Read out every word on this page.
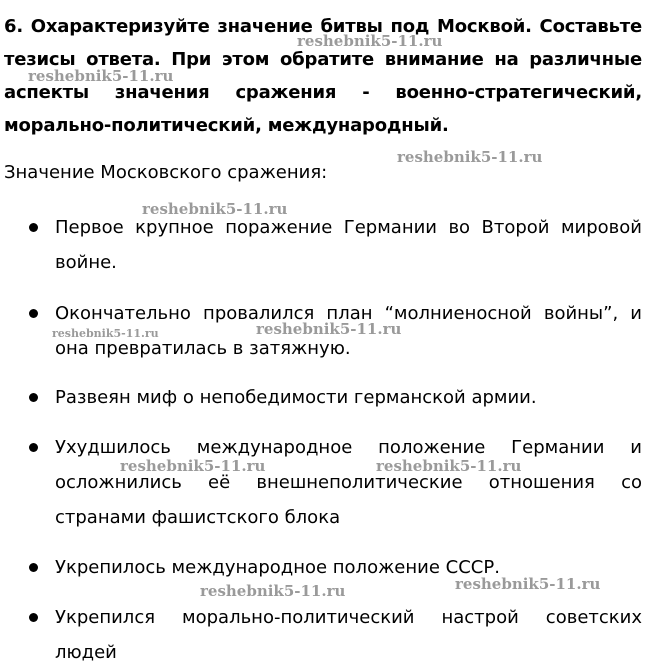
6. Охарактеризуйте значение битвы под Москвой. Составьте тезисы ответа. При этом обратите внимание на различные аспекты значения сражения - военно-стратегический, морально-политический, международный.
Значение Московского сражения:
Первое крупное поражение Германии во Второй мировой войне.
Окончательно провалился план “молниеносной войны”, и она превратилась в затяжную.
Развеян миф о непобедимости германской армии.
Ухудшилось международное положение Германии и осложнились её внешнеполитические отношения со странами фашистского блока
Укрепилось международное положение СССР.
Укрепился морально-политический настрой советских людей
reshebnik5-11.ru
reshebnik5-11.ru
reshebnik5-11.ru
reshebnik5-11.ru
reshebnik5-11.ru	reshebnik5-11.ru
reshebnik5-11.ru	reshebnik5-11.ru
reshebnik5-11.ru	reshebnik5-11.ru
